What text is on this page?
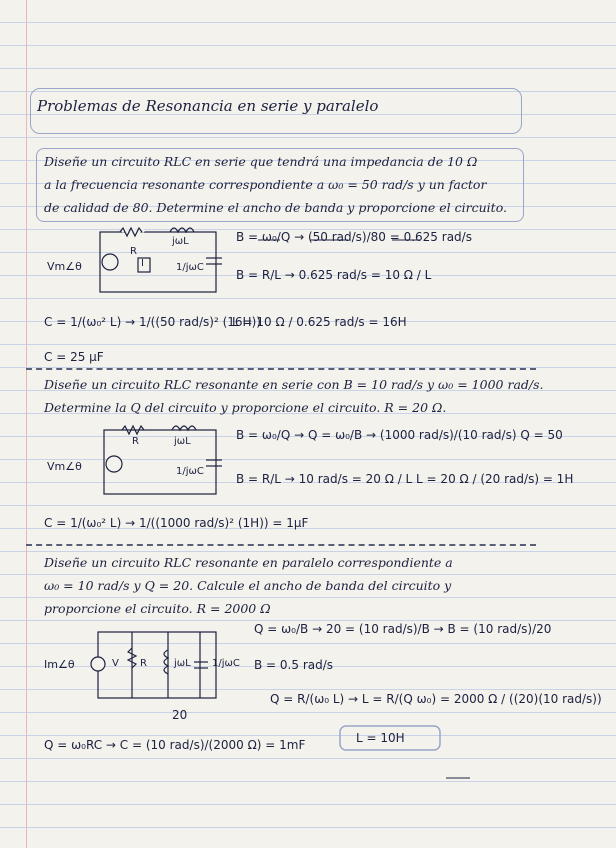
Problemas de Resonancia en serie y paralelo
Diseñe un circuito RLC en serie que tendrá una impedancia de 10 Ω
a la frecuencia resonante correspondiente a ω₀ = 50 rad/s y un factor
de calidad de 80. Determine el ancho de banda y proporcione el circuito.
Vm∠θ
R
jωL
1/jωC
I
B = ω₀/Q → (50 rad/s)/80 = 0.625 rad/s
B = R/L → 0.625 rad/s = 10 Ω / L
C = 1/(ω₀² L) → 1/((50 rad/s)² (16H))
L = 10 Ω / 0.625 rad/s = 16H
C = 25 μF
Diseñe un circuito RLC resonante en serie con B = 10 rad/s y ω₀ = 1000 rad/s.
Determine la Q del circuito y proporcione el circuito. R = 20 Ω.
Vm∠θ
R	jωL
1/jωC
B = ω₀/Q → Q = ω₀/B → (1000 rad/s)/(10 rad/s) Q = 50
B = R/L → 10 rad/s = 20 Ω / L L = 20 Ω / (20 rad/s) = 1H
C = 1/(ω₀² L) → 1/((1000 rad/s)² (1H)) = 1μF
Diseñe un circuito RLC resonante en paralelo correspondiente a
ω₀ = 10 rad/s y Q = 20. Calcule el ancho de banda del circuito y
proporcione el circuito. R = 2000 Ω
Im∠θ	V R	jωL 1/jωC
Q = ω₀/B → 20 = (10 rad/s)/B → B = (10 rad/s)/20
B = 0.5 rad/s
Q = R/(ω₀ L) → L = R/(Q ω₀) = 2000 Ω / ((20)(10 rad/s))
20
L = 10H
Q = ω₀RC → C = (10 rad/s)/(2000 Ω) = 1mF
